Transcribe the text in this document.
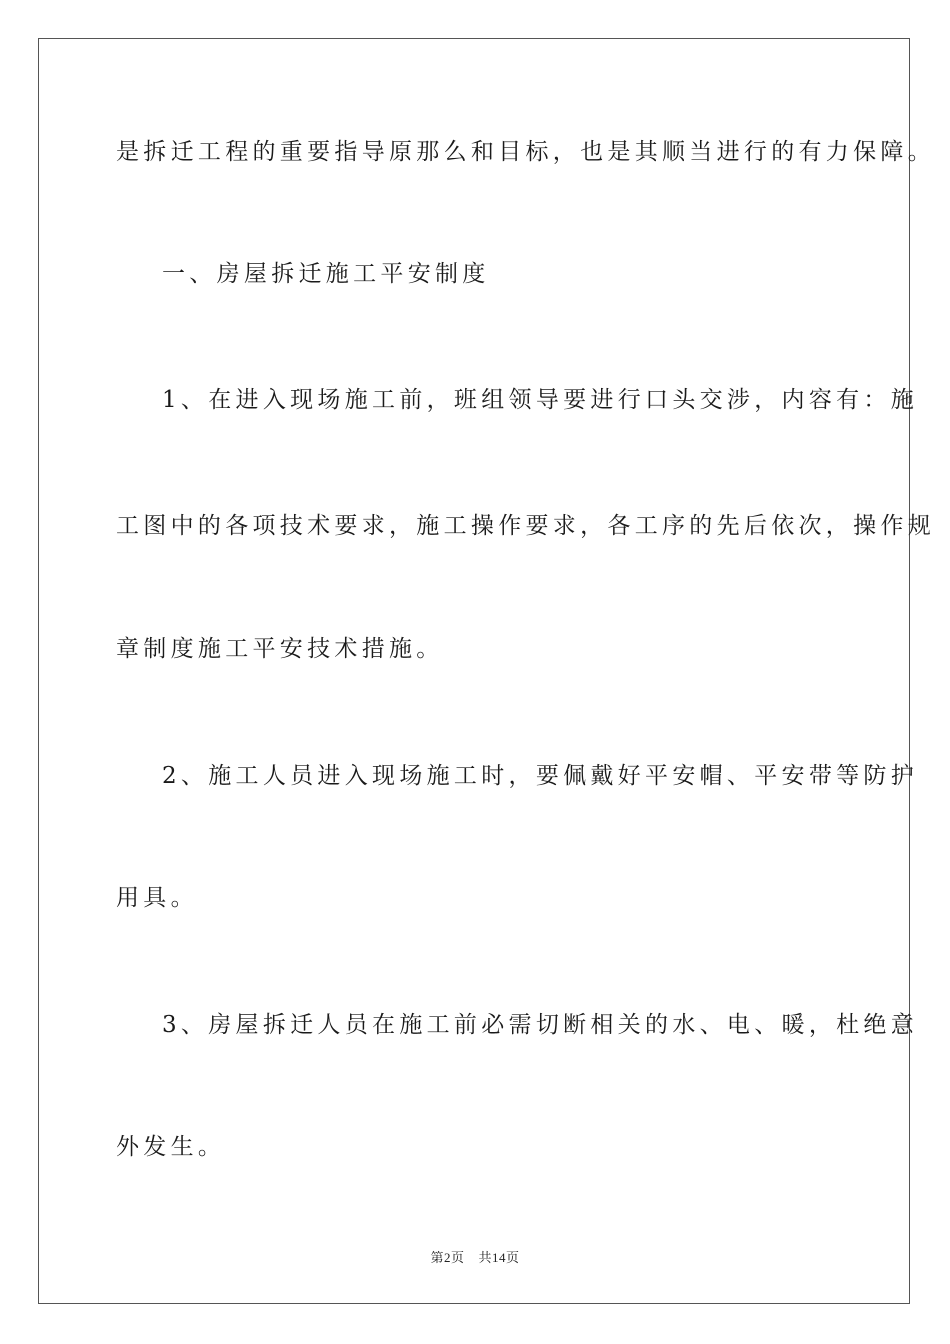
是拆迁工程的重要指导原那么和目标，也是其顺当进行的有力保障。
一、房屋拆迁施工平安制度
1、在进入现场施工前，班组领导要进行口头交涉，内容有：施
工图中的各项技术要求，施工操作要求，各工序的先后依次，操作规
章制度施工平安技术措施。
2、施工人员进入现场施工时，要佩戴好平安帽、平安带等防护
用具。
3、房屋拆迁人员在施工前必需切断相关的水、电、暖，杜绝意
外发生。
第2页 共14页
